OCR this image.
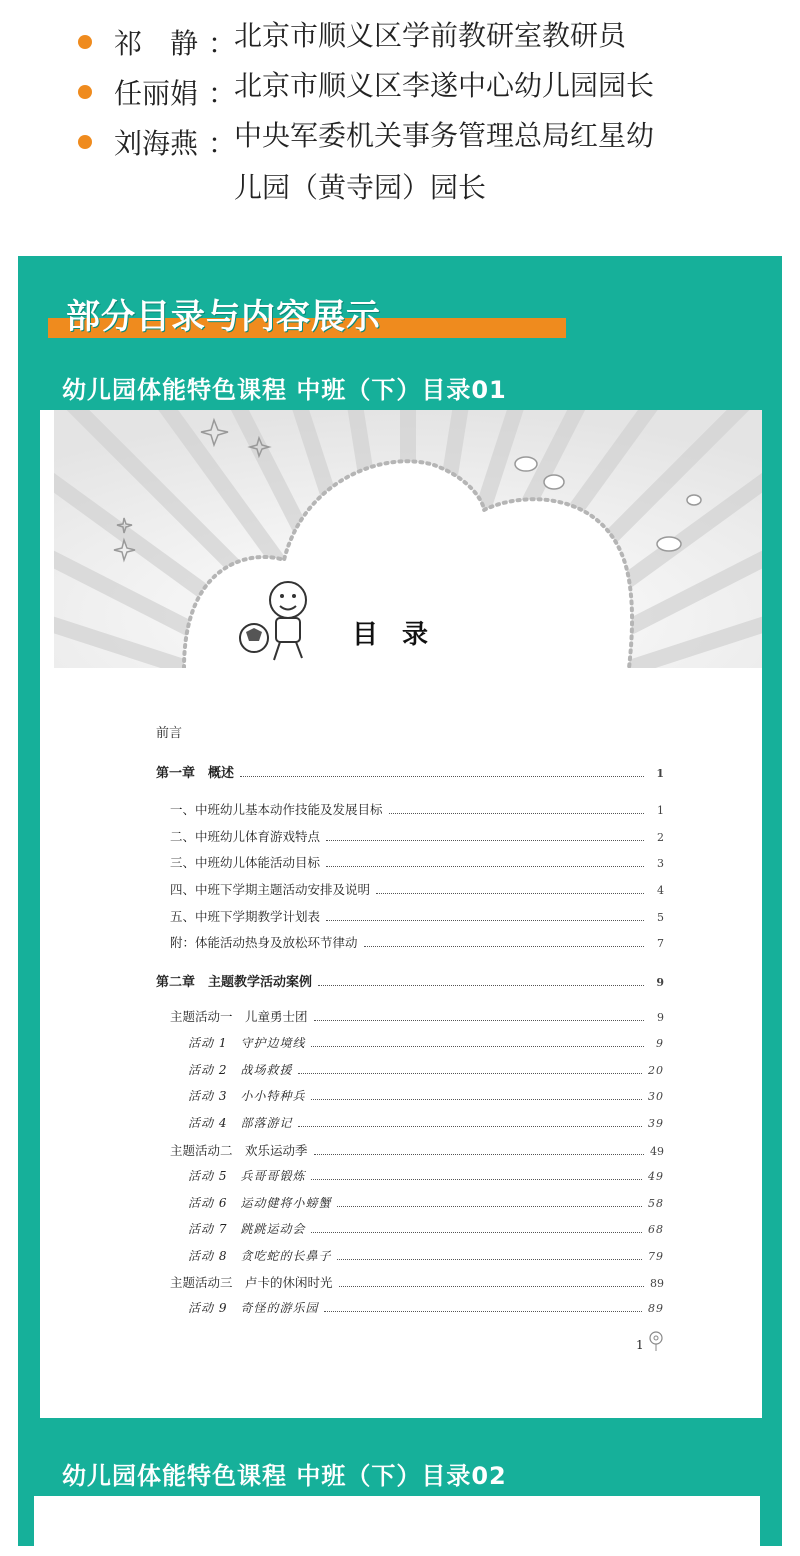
祁　静 ：
北京市顺义区学前教研室教研员
任丽娟 ：
北京市顺义区李遂中心幼儿园园长
刘海燕 ：
中央军委机关事务管理总局红星幼儿园（黄寺园）园长
部分目录与内容展示
幼儿园体能特色课程 中班（下）目录01
目录
前言
第一章　概述	1
一、中班幼儿基本动作技能及发展目标	1
二、中班幼儿体育游戏特点	2
三、中班幼儿体能活动目标	3
四、中班下学期主题活动安排及说明	4
五、中班下学期教学计划表	5
附：体能活动热身及放松环节律动	7
第二章　主题教学活动案例	9
主题活动一　儿童勇士团	9
活动 1　守护边境线	9
活动 2　战场救援	20
活动 3　小小特种兵	30
活动 4　部落游记	39
主题活动二　欢乐运动季	49
活动 5　兵哥哥锻炼	49
活动 6　运动健将小螃蟹	58
活动 7　跳跳运动会	68
活动 8　贪吃蛇的长鼻子	79
主题活动三　卢卡的休闲时光	89
活动 9　奇怪的游乐园	89
1
幼儿园体能特色课程 中班（下）目录02
